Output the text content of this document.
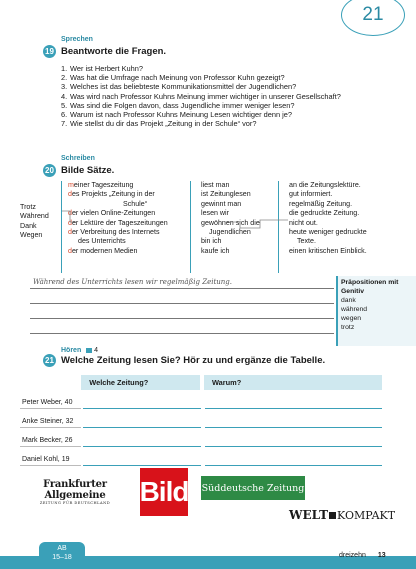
21
Sprechen
19 Beantworte die Fragen.
1. Wer ist Herbert Kuhn?
2. Was hat die Umfrage nach Meinung von Professor Kuhn gezeigt?
3. Welches ist das beliebteste Kommunikationsmittel der Jugendlichen?
4. Was wird nach Professor Kuhns Meinung immer wichtiger in unserer Gesellschaft?
5. Was sind die Folgen davon, dass Jugendliche immer weniger lesen?
6. Warum ist nach Professor Kuhns Meinung Lesen wichtiger denn je?
7. Wie stellst du dir das Projekt „Zeitung in der Schule“ vor?
Schreiben
20 Bilde Sätze.
Trotz
Während
Dank
Wegen
meiner Tageszeitung
des Projekts „Zeitung in der
Schule“
der vielen Online-Zeitungen
der Lektüre der Tageszeitungen
der Verbreitung des Internets
des Unterrichts
der modernen Medien
liest man
ist Zeitunglesen
gewinnt man
lesen wir
gewöhnen sich die
Jugendlichen
bin ich
kaufe ich
an die Zeitungslektüre.
gut informiert.
regelmäßig Zeitung.
die gedruckte Zeitung.
nicht out.
heute weniger gedruckte
Texte.
einen kritischen Einblick.
Während des Unterrichts lesen wir regelmäßig Zeitung.	Präpositionen mit Genitiv
dank
während
wegen
trotz
Hören 4
21 Welche Zeitung lesen Sie? Hör zu und ergänze die Tabelle.
Welche Zeitung?	Warum?
Peter Weber, 40
Anke Steiner, 32
Mark Becker, 26
Daniel Kohl, 19
Frankfurter Allgemeine
ZEITUNG FÜR DEUTSCHLAND	Bild Süddeutsche Zeitung
WELT KOMPAKT
AB
15–18	dreizehn 13
